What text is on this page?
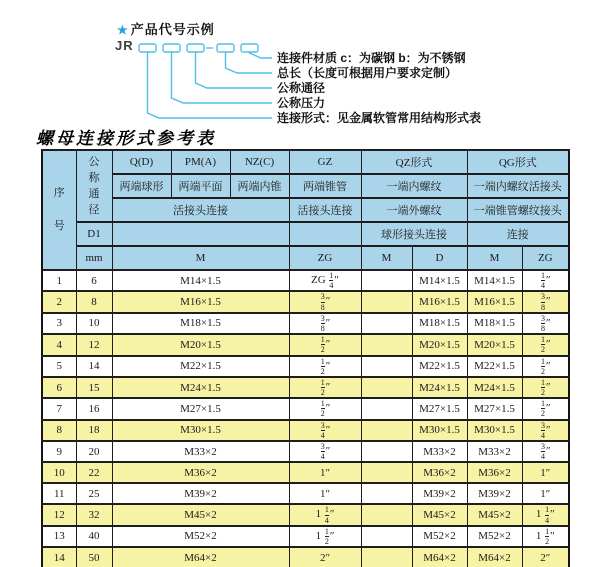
★ 产品代号示例
JR
连接件材质 c：为碳钢 b：为不锈钢
总长（长度可根据用户要求定制）
公称通径
公称压力
连接形式：见金属软管常用结构形式表
螺母连接形式参考表
序号	公称通径	Q(D)	PM(A)	NZ(C)	GZ	QZ形式		QG形式	
		两端球形	两端平面	两端内锥	两端锥管	一端内螺纹		一端内螺纹活接头	
		活接头连接			活接头连接	一端外螺纹		一端锥管螺纹接头	
	D1					球形接头连接		连接	
	mm	M			ZG	M	D	M	ZG
1	6	M14×1.5	ZG $\frac{1}{4}$ ″		M14×1.5	M14×1.5	$\frac{1}{4}$ ″
2	8	M16×1.5	$\frac{3}{8}$ ″		M16×1.5	M16×1.5	$\frac{3}{8}$ ″
3	10	M18×1.5	$\frac{3}{8}$ ″		M18×1.5	M18×1.5	$\frac{3}{8}$ ″
4	12	M20×1.5	$\frac{1}{2}$ ″		M20×1.5	M20×1.5	$\frac{1}{2}$ ″
5	14	M22×1.5	$\frac{1}{2}$ ″		M22×1.5	M22×1.5	$\frac{1}{2}$ ″
6	15	M24×1.5	$\frac{1}{2}$ ″		M24×1.5	M24×1.5	$\frac{1}{2}$ ″
7	16	M27×1.5	$\frac{1}{2}$ ″		M27×1.5	M27×1.5	$\frac{1}{2}$ ″
8	18	M30×1.5	$\frac{3}{4}$ ″		M30×1.5	M30×1.5	$\frac{3}{4}$ ″
9	20	M33×2	$\frac{3}{4}$ ″		M33×2	M33×2	$\frac{3}{4}$ ″
10	22	M36×2			1″		M36×2	M36×2	1″
11	25	M39×2			1″		M39×2	M39×2	1″
12	32	M45×2	$1 \frac{1}{4}$ ″		M45×2	M45×2	$1 \frac{1}{4}$ ″
13	40	M52×2	$1 \frac{1}{2}$ ″		M52×2	M52×2	$1 \frac{1}{2}$ ″
14	50	M64×2			2″		M64×2	M64×2	2″
